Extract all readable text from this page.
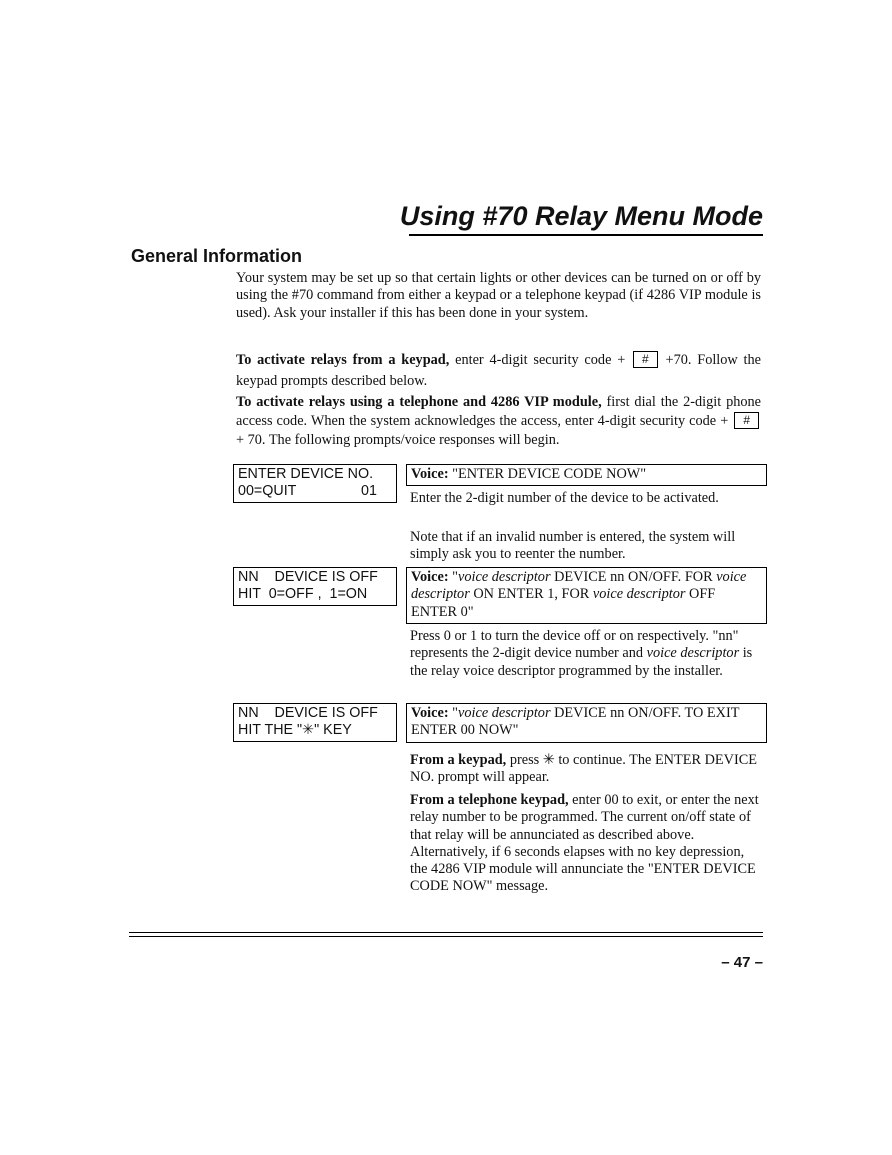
Using #70 Relay Menu Mode
General Information

Your system may be set up so that certain lights or other devices can be turned on or off by using the #70 command from either a keypad or a telephone keypad (if 4286 VIP module is used). Ask your installer if this has been done in your system.

To activate relays from a keypad, enter 4-digit security code + # +70. Follow the keypad prompts described below.

To activate relays using a telephone and 4286 VIP module, first dial the 2-digit phone access code. When the system acknowledges the access, enter 4-digit security code + # + 70. The following prompts/voice responses will begin.

ENTER DEVICE NO.
00=QUIT	01
Voice: "ENTER DEVICE CODE NOW"

Enter the 2-digit number of the device to be activated.

Note that if an invalid number is entered, the system will simply ask you to reenter the number.

NN    DEVICE IS OFF
HIT  0=OFF ,  1=ON
Voice: "voice descriptor DEVICE nn ON/OFF. FOR voice descriptor ON ENTER 1, FOR voice descriptor OFF ENTER 0"

Press 0 or 1 to turn the device off or on respectively. "nn" represents the 2-digit device number and voice descriptor is the relay voice descriptor programmed by the installer.

NN    DEVICE IS OFF
HIT THE "✳" KEY
Voice: "voice descriptor DEVICE nn ON/OFF. TO EXIT ENTER 00 NOW"

From a keypad, press ✳ to continue. The ENTER DEVICE NO. prompt will appear.

From a telephone keypad, enter 00 to exit, or enter the next relay number to be programmed. The current on/off state of that relay will be annunciated as described above. Alternatively, if 6 seconds elapses with no key depression, the 4286 VIP module will annunciate the "ENTER DEVICE CODE NOW" message.

– 47 –
